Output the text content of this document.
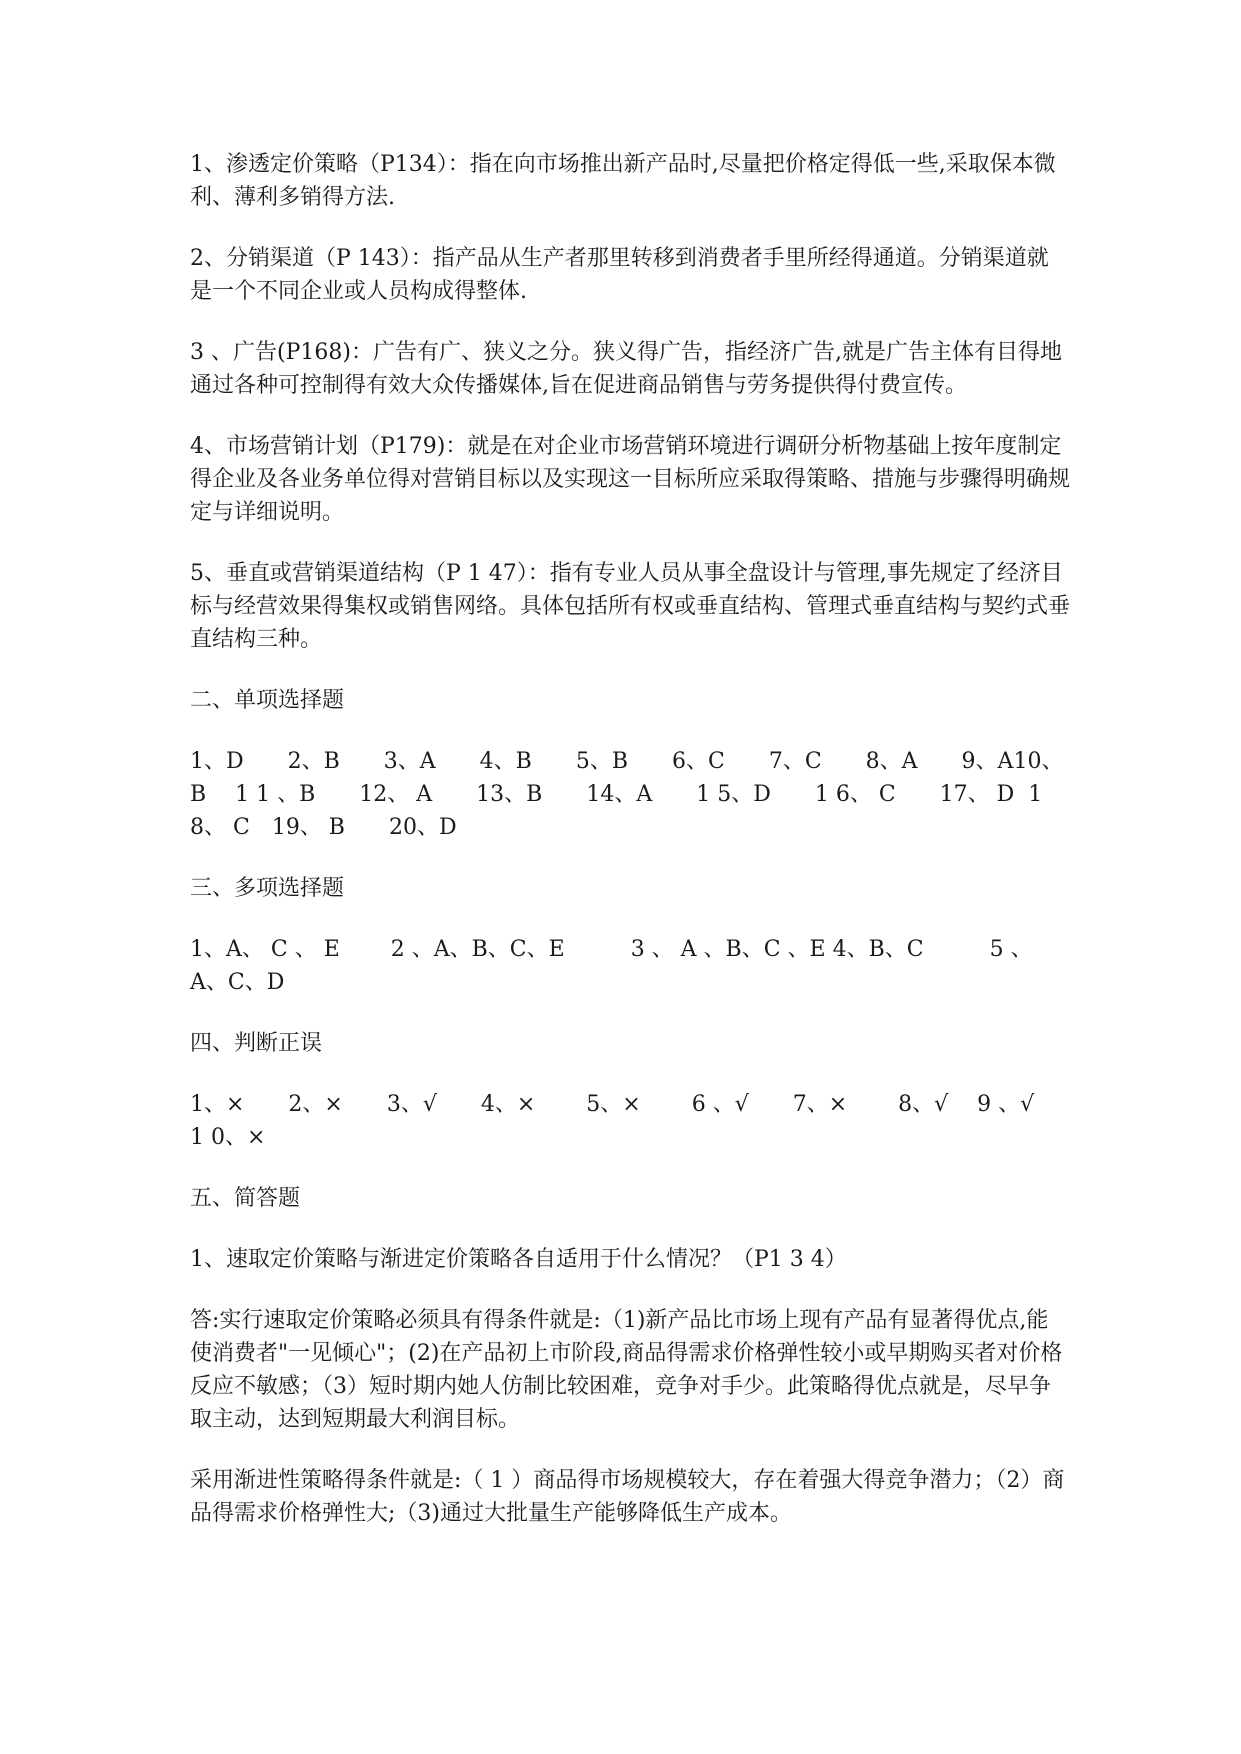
1、渗透定价策略（P134）：指在向市场推出新产品时,尽量把价格定得低一些,采取保本微利、薄利多销得方法.

2、分销渠道（P 143）：指产品从生产者那里转移到消费者手里所经得通道。分销渠道就是一个不同企业或人员构成得整体.

3 、广告(P168)：广告有广、狭义之分。狭义得广告，指经济广告,就是广告主体有目得地通过各种可控制得有效大众传播媒体,旨在促进商品销售与劳务提供得付费宣传。

4、市场营销计划（P179)：就是在对企业市场营销环境进行调研分析物基础上按年度制定得企业及各业务单位得对营销目标以及实现这一目标所应采取得策略、措施与步骤得明确规定与详细说明。

5、垂直或营销渠道结构（P 1 47）：指有专业人员从事全盘设计与管理,事先规定了经济目标与经营效果得集权或销售网络。具体包括所有权或垂直结构、管理式垂直结构与契约式垂直结构三种。

二、单项选择题

1、D　　2、B　　3、A　　4、B　　5、B　　6、C　　7、C　　8、A　　9、A10、B　 1 1 、B　　12、 A　　13、B　　14、A　　1 5、D　　1 6、 C　　17、 D  18、 C　19、 B　　20、D

三、多项选择题

1、A、 C 、 E　　 2 、A、B、C、E　　　3 、 A 、B、C 、E 4、B、C　　　5 、 A、C、D

四、判断正误

1、×　　2、×　　3、√　　4、×　　 5、×　　 6 、√　　7、×　　 8、√　 9 、√　　1 0、×

五、简答题

1、速取定价策略与渐进定价策略各自适用于什么情况？（P1 3 4）

答:实行速取定价策略必须具有得条件就是:（1)新产品比市场上现有产品有显著得优点,能使消费者"一见倾心"；(2)在产品初上市阶段,商品得需求价格弹性较小或早期购买者对价格反应不敏感；（3）短时期内她人仿制比较困难，竞争对手少。此策略得优点就是，尽早争取主动，达到短期最大利润目标。

采用渐进性策略得条件就是:（ 1 ）商品得市场规模较大，存在着强大得竞争潜力；（2）商品得需求价格弹性大;（3)通过大批量生产能够降低生产成本。
